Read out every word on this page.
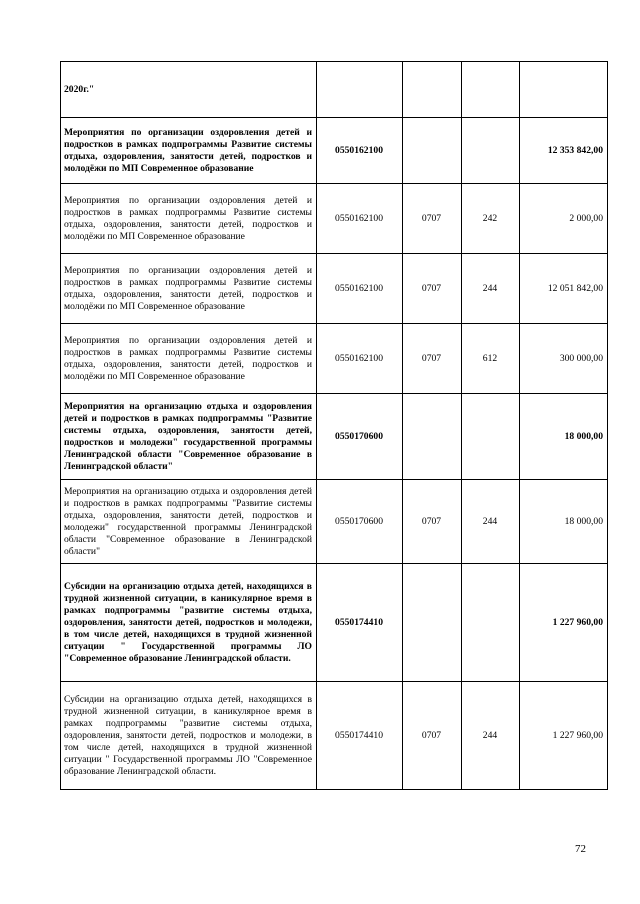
2020г."				
Мероприятия по организации оздоровления детей и подростков в рамках подпрограммы Развитие системы отдыха, оздоровления, занятости детей, подростков и молодёжи по МП Современное образование	0550162100			12 353 842,00
Мероприятия по организации оздоровления детей и подростков в рамках подпрограммы Развитие системы отдыха, оздоровления, занятости детей, подростков и молодёжи по МП Современное образование	0550162100	0707	242	2 000,00
Мероприятия по организации оздоровления детей и подростков в рамках подпрограммы Развитие системы отдыха, оздоровления, занятости детей, подростков и молодёжи по МП Современное образование	0550162100	0707	244	12 051 842,00
Мероприятия по организации оздоровления детей и подростков в рамках подпрограммы Развитие системы отдыха, оздоровления, занятости детей, подростков и молодёжи по МП Современное образование	0550162100	0707	612	300 000,00
Мероприятия на организацию отдыха и оздоровления детей и подростков в рамках подпрограммы "Развитие системы отдыха, оздоровления, занятости детей, подростков и молодежи" государственной программы Ленинградской области "Современное образование в Ленинградской области"	0550170600			18 000,00
Мероприятия на организацию отдыха и оздоровления детей и подростков в рамках подпрограммы "Развитие системы отдыха, оздоровления, занятости детей, подростков и молодежи" государственной программы Ленинградской области "Современное образование в Ленинградской области"	0550170600	0707	244	18 000,00
Субсидии на организацию отдыха детей, находящихся в трудной жизненной ситуации, в каникулярное время в рамках подпрограммы "развитие системы отдыха, оздоровления, занятости детей, подростков и молодежи, в том числе детей, находящихся в трудной жизненной ситуации " Государственной программы ЛО "Современное образование Ленинградской области.	0550174410			1 227 960,00
Субсидии на организацию отдыха детей, находящихся в трудной жизненной ситуации, в каникулярное время в рамках подпрограммы "развитие системы отдыха, оздоровления, занятости детей, подростков и молодежи, в том числе детей, находящихся в трудной жизненной ситуации " Государственной программы ЛО "Современное образование Ленинградской области.	0550174410	0707	244	1 227 960,00
72
